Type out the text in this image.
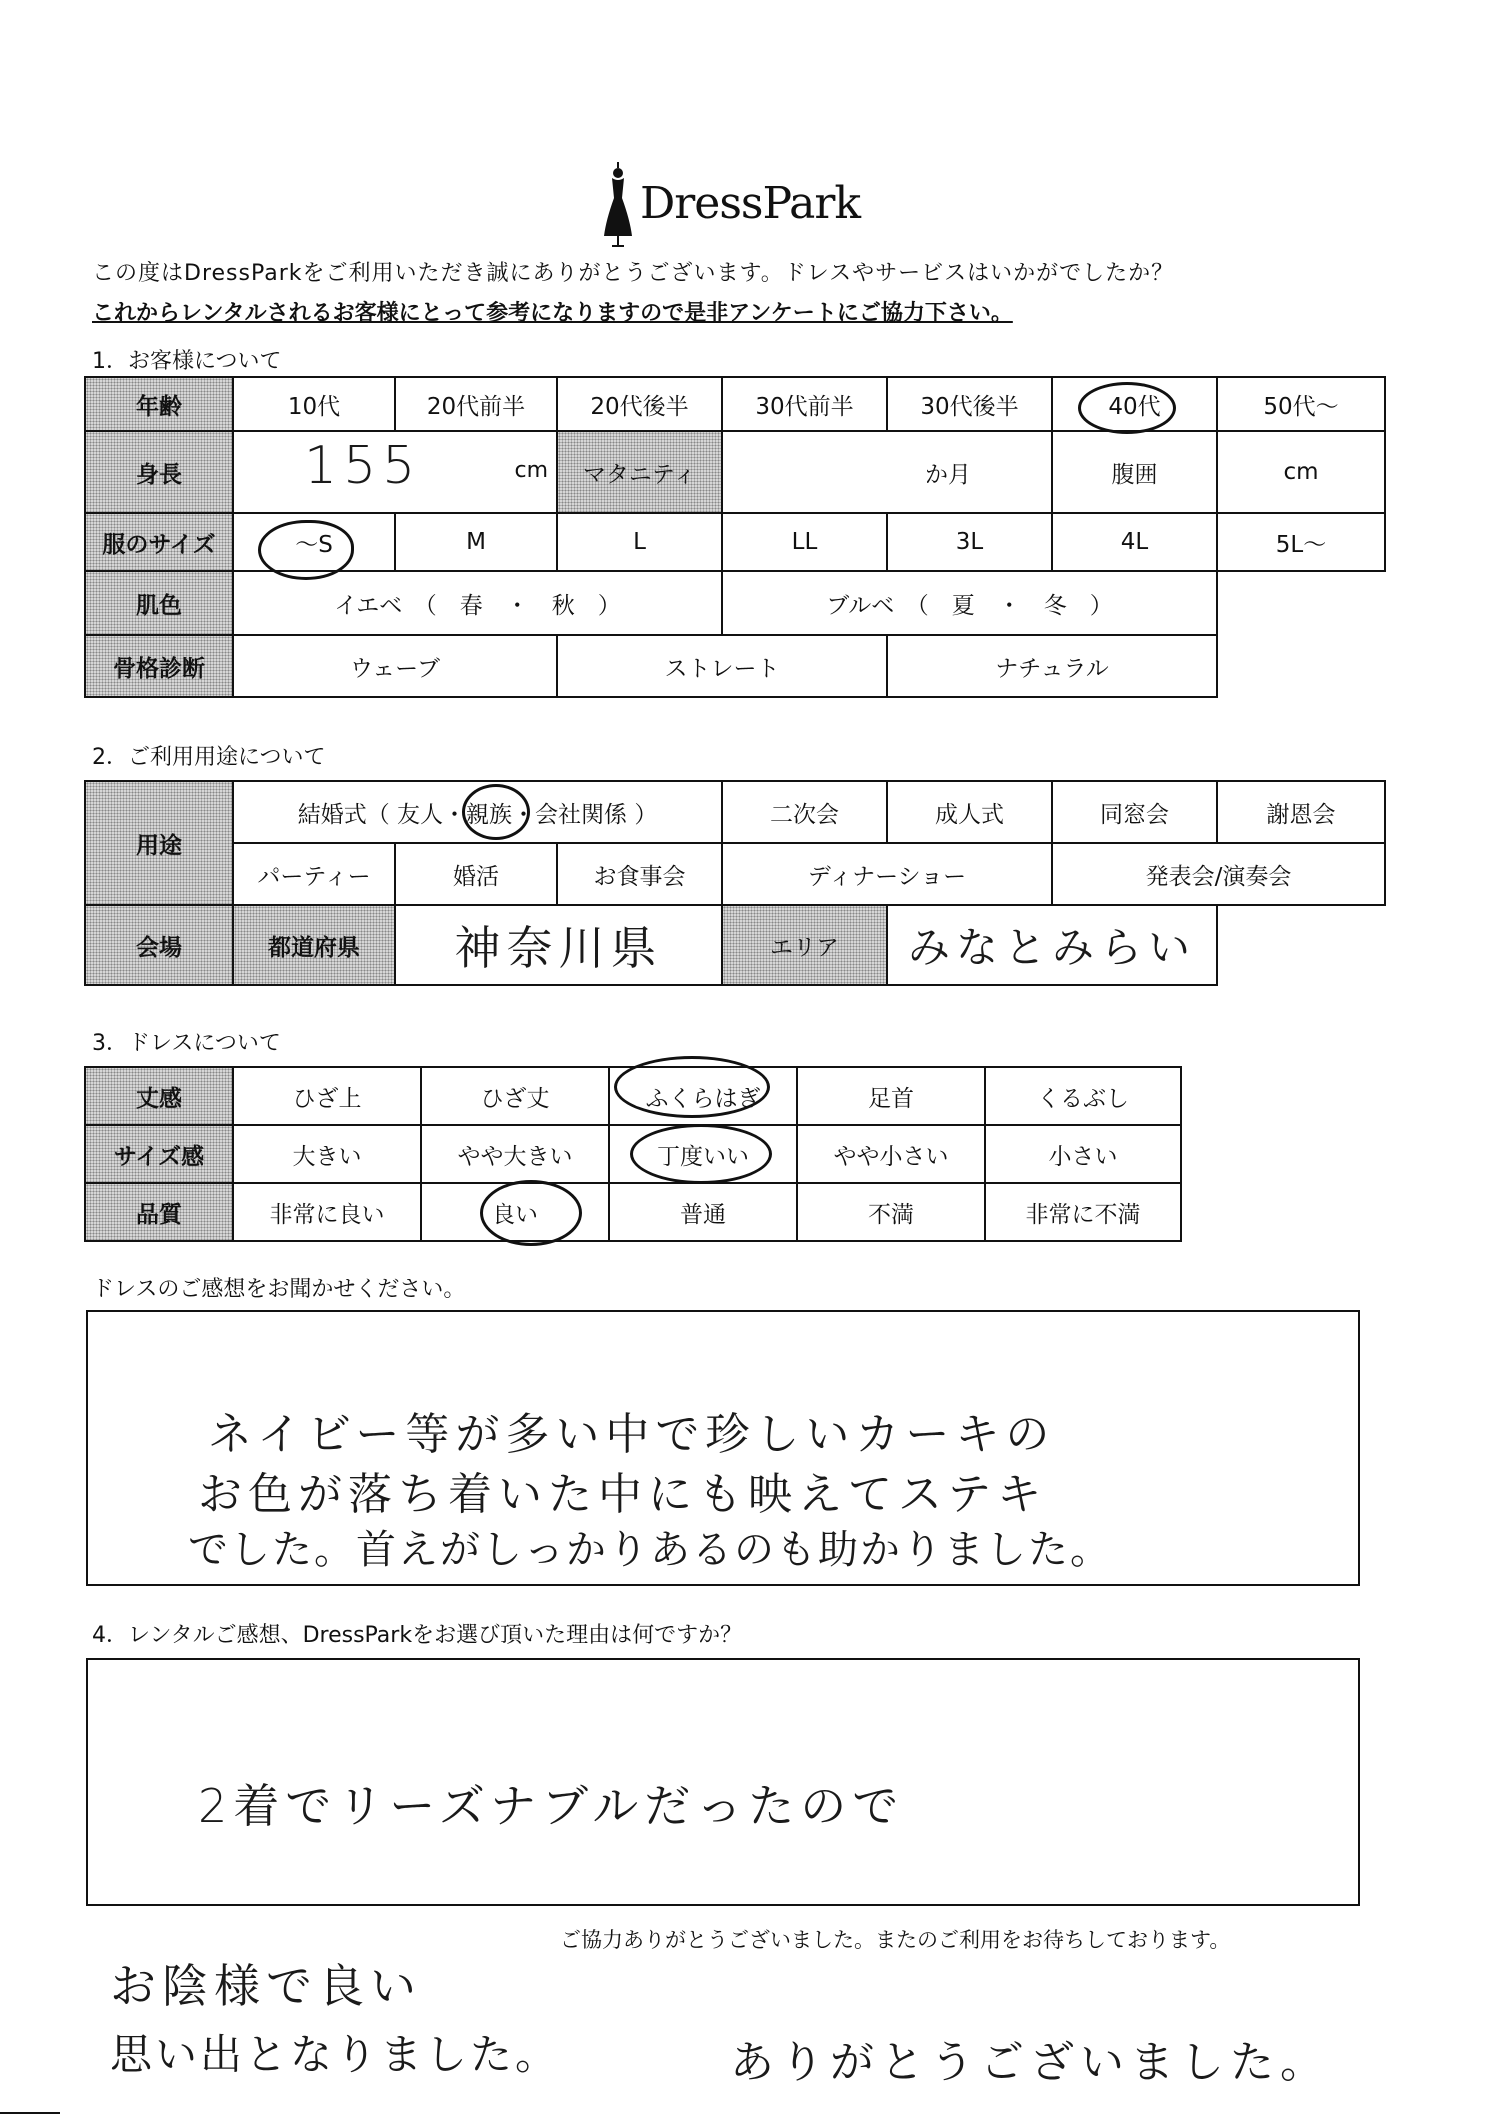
DressPark
この度はDressParkをご利用いただき誠にありがとうございます。ドレスやサービスはいかがでしたか？
これからレンタルされるお客様にとって参考になりますので是非アンケートにご協力下さい。
1．お客様について
年齢	10代	20代前半	20代後半	30代前半	30代後半	40代	50代～
身長	155 cm		マタニティ	か月		腹囲	cm
服のサイズ	～S	M	L	LL	3L	4L	5L～
肌色	イエベ　（　春　・　秋　）			ブルベ　（　夏　・　冬　）			
骨格診断	ウェーブ		ストレート		ナチュラル		
2．ご利用用途について
用途	結婚式（ 友人・親族・会社関係 ）			二次会	成人式	同窓会	謝恩会
	パーティー	婚活	お食事会	ディナーショー		発表会/演奏会	
会場	都道府県	神奈川県		エリア	みなとみらい		
3．ドレスについて
丈感	ひざ上	ひざ丈	ふくらはぎ	足首	くるぶし
サイズ感	大きい	やや大きい	丁度いい	やや小さい	小さい
品質	非常に良い	良い	普通	不満	非常に不満
ドレスのご感想をお聞かせください。
ネイビー等が多い中で珍しいカーキの
お色が落ち着いた中にも映えてステキ
でした。首えがしっかりあるのも助かりました。
4．レンタルご感想、DressParkをお選び頂いた理由は何ですか？
2着でリーズナブルだったので
ご協力ありがとうございました。またのご利用をお待ちしております。
お陰様で良い
思い出となりました。	ありがとうございました。
